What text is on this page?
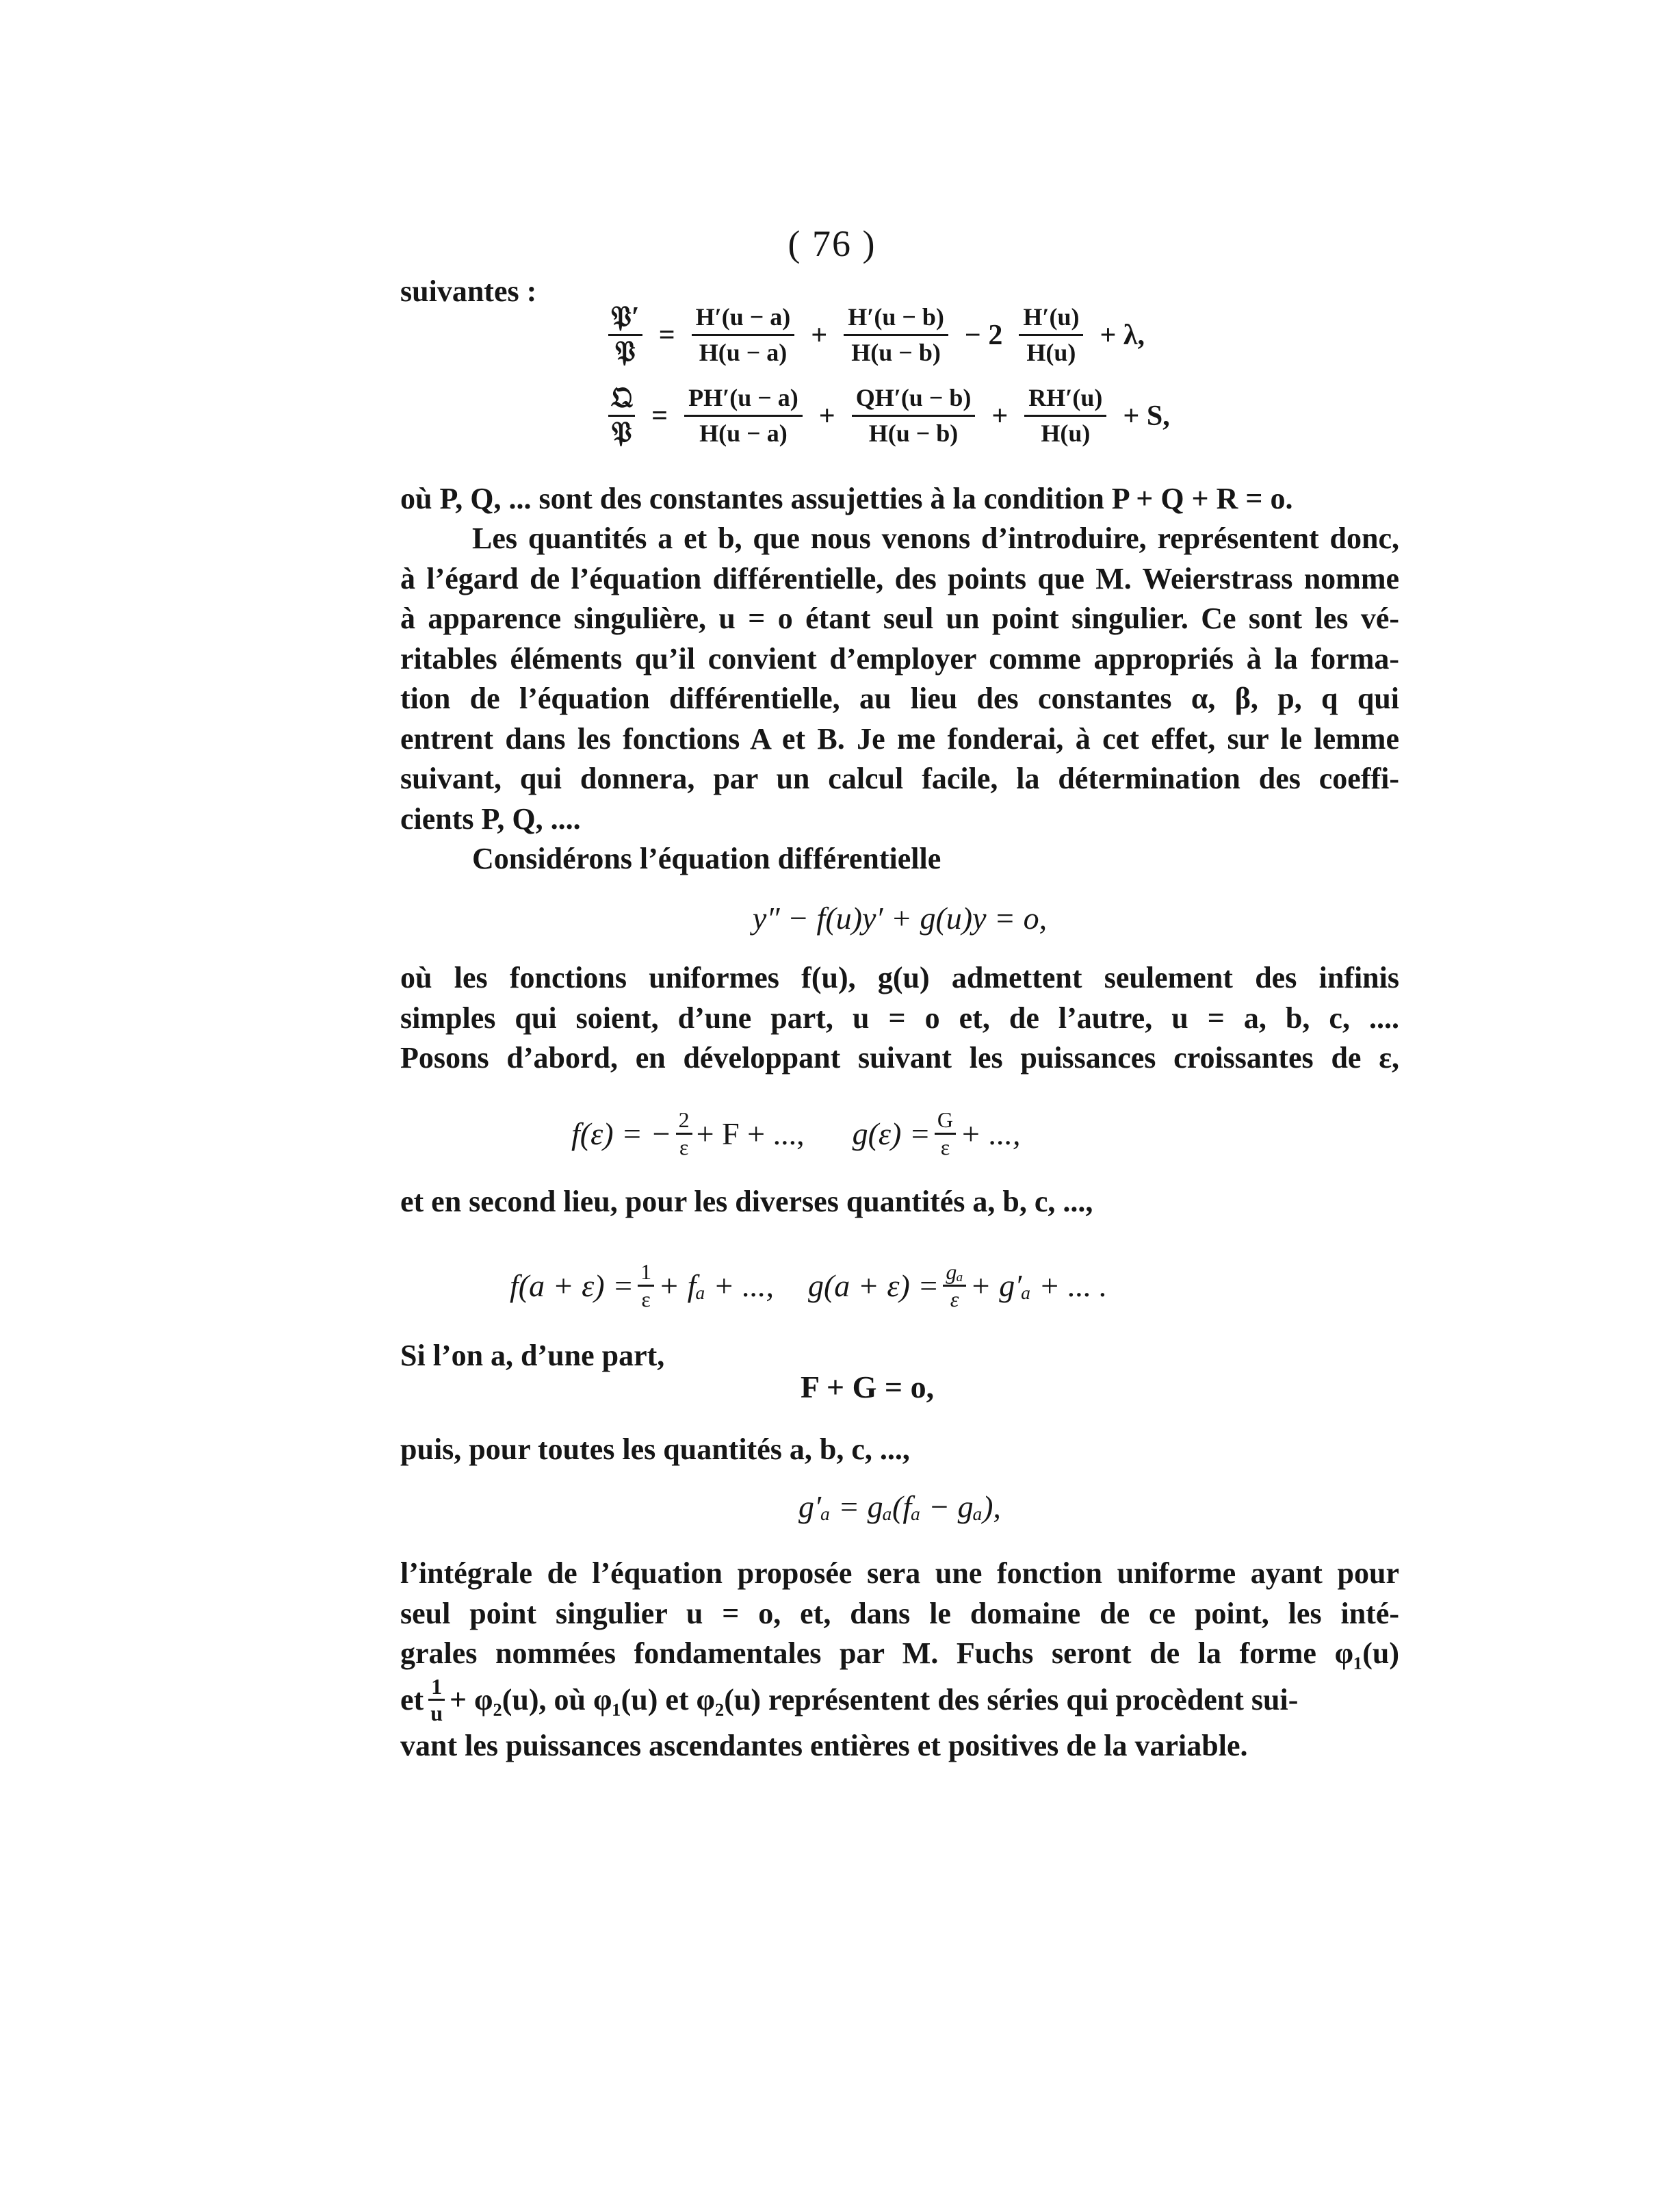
( 76 )
suivantes :
$\frac{\text{𝔓′}}{\text{𝔓}} = \frac{H'(u - a)}{H(u - a)} + \frac{H'(u - b)}{H(u - b)} - 2 \frac{H'(u)}{H(u)} + \lambda$,
$\frac{\text{𝔔}}{\text{𝔓}} = \frac{PH'(u - a)}{H(u - a)} + \frac{QH'(u - b)}{H(u - b)} + \frac{RH'(u)}{H(u)} + S$,
où P, Q, ... sont des constantes assujetties à la condition P + Q + R = o.
Les quantités a et b, que nous venons d’introduire, représentent donc,
à l’égard de l’équation différentielle, des points que M. Weierstrass nomme
à apparence singulière, u = o étant seul un point singulier. Ce sont les vé-
ritables éléments qu’il convient d’employer comme appropriés à la forma-
tion de l’équation différentielle, au lieu des constantes α, β, p, q qui
entrent dans les fonctions A et B. Je me fonderai, à cet effet, sur le lemme
suivant, qui donnera, par un calcul facile, la détermination des coeffi-
cients P, Q, ....
Considérons l’équation différentielle
y″ − f(u)y′ + g(u)y = o,
où les fonctions uniformes f(u), g(u) admettent seulement des infinis
simples qui soient, d’une part, u = o et, de l’autre, u = a, b, c, ....
Posons d’abord, en développant suivant les puissances croissantes de ε,
f(ε) = − $\frac{2}{\varepsilon} + F$ + ..., $g(\varepsilon) = \frac{G}{\varepsilon}$ + ...,
et en second lieu, pour les diverses quantités a, b, c, ...,
$f(a + \varepsilon) = \frac{1}{\varepsilon} + f_a$ + ..., $g(a + \varepsilon) = \frac{\text{gₐ}}{\varepsilon} + g'_a$ + ... .
Si l’on a, d’une part,
F + G = o,
puis, pour toutes les quantités a, b, c, ...,
g′ₐ = gₐ(fₐ − gₐ),
l’intégrale de l’équation proposée sera une fonction uniforme ayant pour
seul point singulier u = o, et, dans le domaine de ce point, les inté-
grales nommées fondamentales par M. Fuchs seront de la forme φ₁(u)
et $\frac{1}{u} + \varphi_2(u)$, où φ₁(u) et φ₂(u) représentent des séries qui procèdent sui-
vant les puissances ascendantes entières et positives de la variable.
